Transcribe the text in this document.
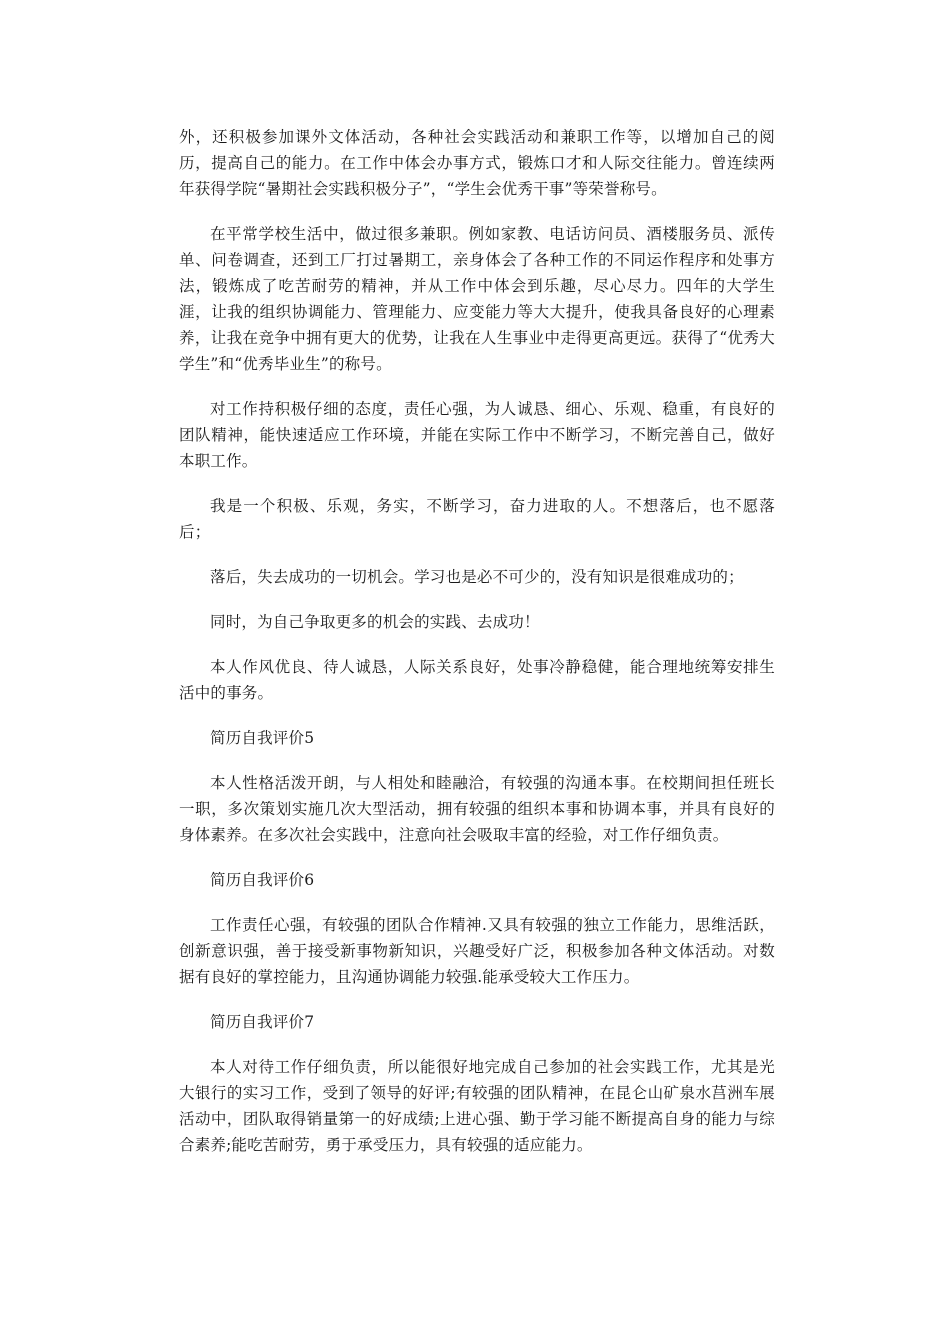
外，还积极参加课外文体活动，各种社会实践活动和兼职工作等，以增加自己的阅历，提高自己的能力。在工作中体会办事方式，锻炼口才和人际交往能力。曾连续两年获得学院“暑期社会实践积极分子”，“学生会优秀干事”等荣誉称号。

在平常学校生活中，做过很多兼职。例如家教、电话访问员、酒楼服务员、派传单、问卷调查，还到工厂打过暑期工，亲身体会了各种工作的不同运作程序和处事方法，锻炼成了吃苦耐劳的精神，并从工作中体会到乐趣，尽心尽力。四年的大学生涯，让我的组织协调能力、管理能力、应变能力等大大提升，使我具备良好的心理素养，让我在竞争中拥有更大的优势，让我在人生事业中走得更高更远。获得了“优秀大学生”和“优秀毕业生”的称号。

对工作持积极仔细的态度，责任心强，为人诚恳、细心、乐观、稳重，有良好的团队精神，能快速适应工作环境，并能在实际工作中不断学习，不断完善自己，做好本职工作。

我是一个积极、乐观，务实，不断学习，奋力进取的人。不想落后，也不愿落后；

落后，失去成功的一切机会。学习也是必不可少的，没有知识是很难成功的；

同时，为自己争取更多的机会的实践、去成功！

本人作风优良、待人诚恳，人际关系良好，处事冷静稳健，能合理地统筹安排生活中的事务。

简历自我评价5

本人性格活泼开朗，与人相处和睦融洽，有较强的沟通本事。在校期间担任班长一职，多次策划实施几次大型活动，拥有较强的组织本事和协调本事，并具有良好的身体素养。在多次社会实践中，注意向社会吸取丰富的经验，对工作仔细负责。

简历自我评价6

工作责任心强，有较强的团队合作精神.又具有较强的独立工作能力，思维活跃，创新意识强，善于接受新事物新知识，兴趣受好广泛，积极参加各种文体活动。对数据有良好的掌控能力，且沟通协调能力较强.能承受较大工作压力。

简历自我评价7

本人对待工作仔细负责，所以能很好地完成自己参加的社会实践工作，尤其是光大银行的实习工作，受到了领导的好评;有较强的团队精神，在昆仑山矿泉水莒洲车展活动中，团队取得销量第一的好成绩;上进心强、勤于学习能不断提高自身的能力与综合素养;能吃苦耐劳，勇于承受压力，具有较强的适应能力。
